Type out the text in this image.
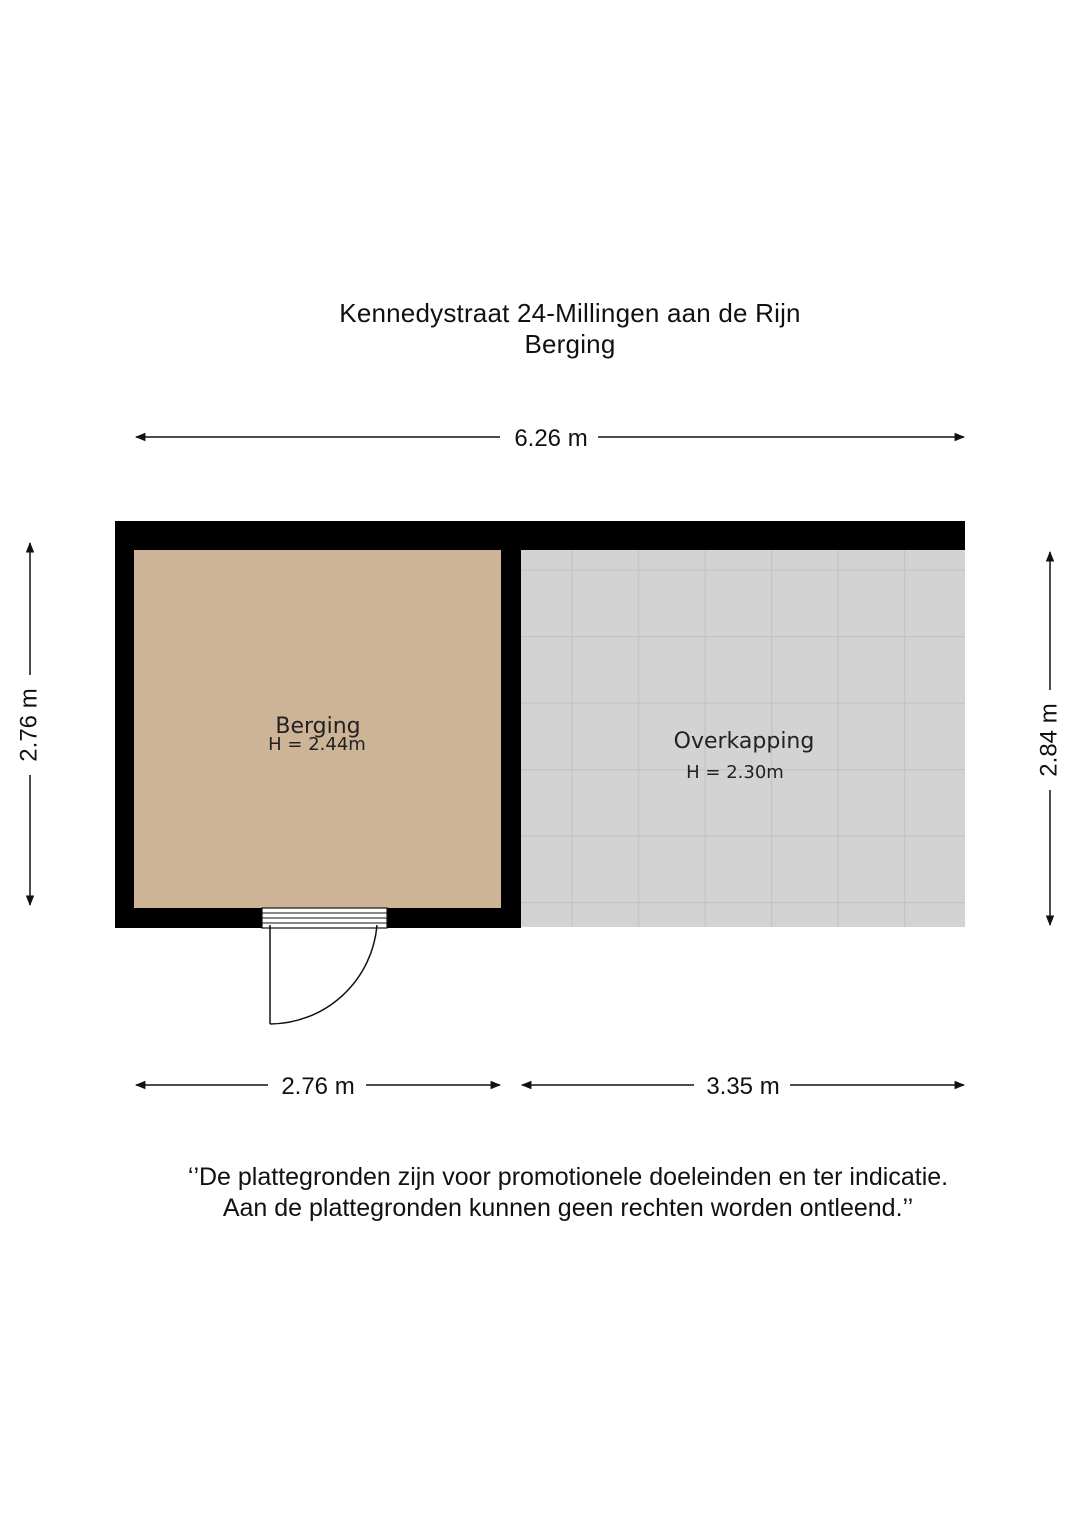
Kennedystraat 24-Millingen aan de Rijn
Berging
Berging
H = 2.44m	Overkapping
H = 2.30m
6.26 m
2.76 m	3.35 m
2.76 m	2.84 m
‘’De plattegronden zijn voor promotionele doeleinden en ter indicatie.
Aan de plattegronden kunnen geen rechten worden ontleend.’’
